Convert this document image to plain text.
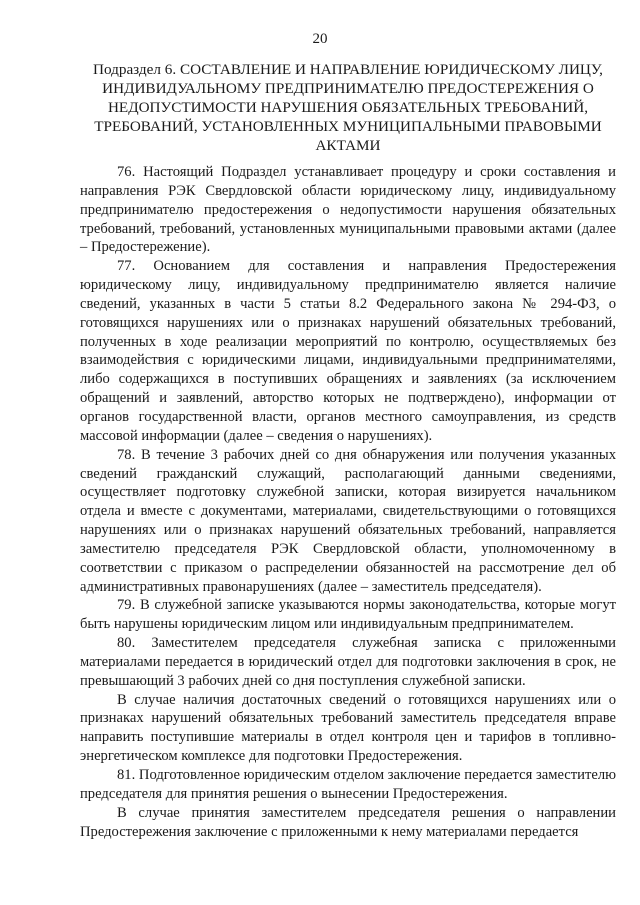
20
Подраздел 6. СОСТАВЛЕНИЕ И НАПРАВЛЕНИЕ ЮРИДИЧЕСКОМУ ЛИЦУ, ИНДИВИДУАЛЬНОМУ ПРЕДПРИНИМАТЕЛЮ ПРЕДОСТЕРЕЖЕНИЯ О НЕДОПУСТИМОСТИ НАРУШЕНИЯ ОБЯЗАТЕЛЬНЫХ ТРЕБОВАНИЙ, ТРЕБОВАНИЙ, УСТАНОВЛЕННЫХ МУНИЦИПАЛЬНЫМИ ПРАВОВЫМИ АКТАМИ

76. Настоящий Подраздел устанавливает процедуру и сроки составления и направления РЭК Свердловской области юридическому лицу, индивидуальному предпринимателю предостережения о недопустимости нарушения обязательных требований, требований, установленных муниципальными правовыми актами (далее – Предостережение).

77. Основанием для составления и направления Предостережения юридическому лицу, индивидуальному предпринимателю является наличие сведений, указанных в части 5 статьи 8.2 Федерального закона № 294-ФЗ, о готовящихся нарушениях или о признаках нарушений обязательных требований, полученных в ходе реализации мероприятий по контролю, осуществляемых без взаимодействия с юридическими лицами, индивидуальными предпринимателями, либо содержащихся в поступивших обращениях и заявлениях (за исключением обращений и заявлений, авторство которых не подтверждено), информации от органов государственной власти, органов местного самоуправления, из средств массовой информации (далее – сведения о нарушениях).

78. В течение 3 рабочих дней со дня обнаружения или получения указанных сведений гражданский служащий, располагающий данными сведениями, осуществляет подготовку служебной записки, которая визируется начальником отдела и вместе с документами, материалами, свидетельствующими о готовящихся нарушениях или о признаках нарушений обязательных требований, направляется заместителю председателя РЭК Свердловской области, уполномоченному в соответствии с приказом о распределении обязанностей на рассмотрение дел об административных правонарушениях (далее – заместитель председателя).

79. В служебной записке указываются нормы законодательства, которые могут быть нарушены юридическим лицом или индивидуальным предпринимателем.

80. Заместителем председателя служебная записка с приложенными материалами передается в юридический отдел для подготовки заключения в срок, не превышающий 3 рабочих дней со дня поступления служебной записки.

В случае наличия достаточных сведений о готовящихся нарушениях или о признаках нарушений обязательных требований заместитель председателя вправе направить поступившие материалы в отдел контроля цен и тарифов в топливно-энергетическом комплексе для подготовки Предостережения.

81. Подготовленное юридическим отделом заключение передается заместителю председателя для принятия решения о вынесении Предостережения.

В случае принятия заместителем председателя решения о направлении Предостережения заключение с приложенными к нему материалами передается
